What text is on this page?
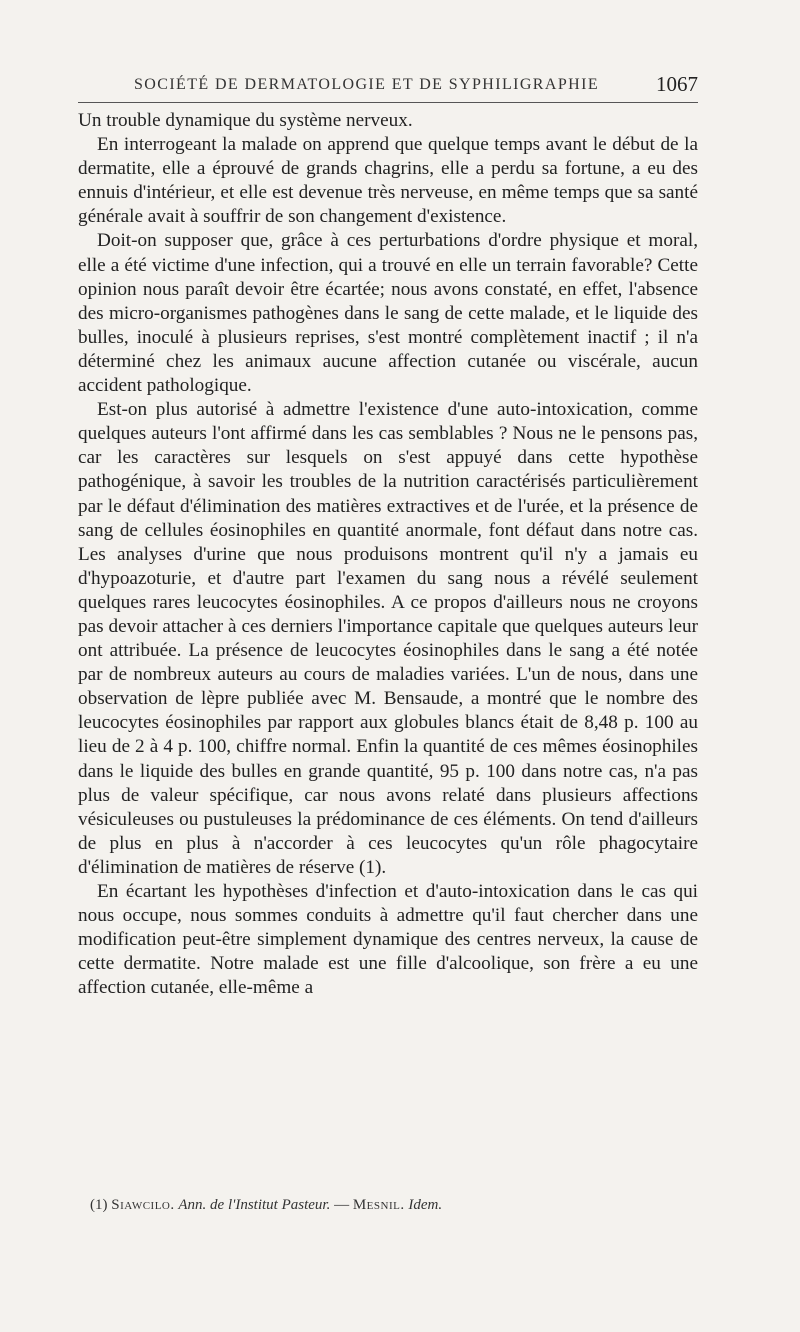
SOCIÉTÉ DE DERMATOLOGIE ET DE SYPHILIGRAPHIE	1067

Un trouble dynamique du système nerveux.

En interrogeant la malade on apprend que quelque temps avant le début de la dermatite, elle a éprouvé de grands chagrins, elle a perdu sa fortune, a eu des ennuis d'intérieur, et elle est devenue très nerveuse, en même temps que sa santé générale avait à souffrir de son changement d'existence.

Doit-on supposer que, grâce à ces perturbations d'ordre physique et moral, elle a été victime d'une infection, qui a trouvé en elle un terrain favorable? Cette opinion nous paraît devoir être écartée; nous avons constaté, en effet, l'absence des micro-organismes pathogènes dans le sang de cette malade, et le liquide des bulles, inoculé à plusieurs reprises, s'est montré complètement inactif ; il n'a déterminé chez les animaux aucune affection cutanée ou viscérale, aucun accident pathologique.

Est-on plus autorisé à admettre l'existence d'une auto-intoxication, comme quelques auteurs l'ont affirmé dans les cas semblables ? Nous ne le pensons pas, car les caractères sur lesquels on s'est appuyé dans cette hypothèse pathogénique, à savoir les troubles de la nutrition caractérisés particulièrement par le défaut d'élimination des matières extractives et de l'urée, et la présence de sang de cellules éosinophiles en quantité anormale, font défaut dans notre cas. Les analyses d'urine que nous produisons montrent qu'il n'y a jamais eu d'hypoazoturie, et d'autre part l'examen du sang nous a révélé seulement quelques rares leucocytes éosinophiles. A ce propos d'ailleurs nous ne croyons pas devoir attacher à ces derniers l'importance capitale que quelques auteurs leur ont attribuée. La présence de leucocytes éosinophiles dans le sang a été notée par de nombreux auteurs au cours de maladies variées. L'un de nous, dans une observation de lèpre publiée avec M. Bensaude, a montré que le nombre des leucocytes éosinophiles par rapport aux globules blancs était de 8,48 p. 100 au lieu de 2 à 4 p. 100, chiffre normal. Enfin la quantité de ces mêmes éosinophiles dans le liquide des bulles en grande quantité, 95 p. 100 dans notre cas, n'a pas plus de valeur spécifique, car nous avons relaté dans plusieurs affections vésiculeuses ou pustuleuses la prédominance de ces éléments. On tend d'ailleurs de plus en plus à n'accorder à ces leucocytes qu'un rôle phagocytaire d'élimination de matières de réserve (1).

En écartant les hypothèses d'infection et d'auto-intoxication dans le cas qui nous occupe, nous sommes conduits à admettre qu'il faut chercher dans une modification peut-être simplement dynamique des centres nerveux, la cause de cette dermatite. Notre malade est une fille d'alcoolique, son frère a eu une affection cutanée, elle-même a

(1) Siawcilo. Ann. de l'Institut Pasteur. — Mesnil. Idem.
